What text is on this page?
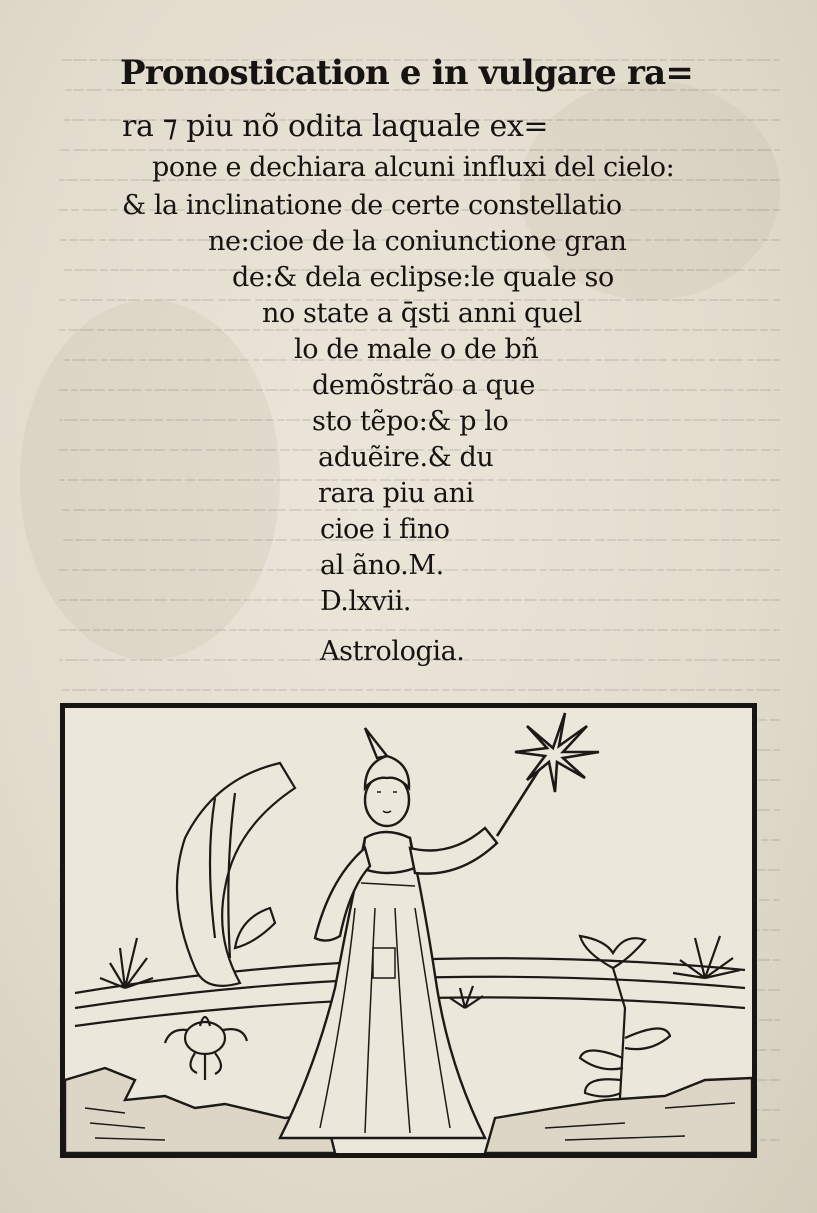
Pronostication e in vulgare ra=
ra ⁊ piu nõ odita laquale ex=
pone e dechiara alcuni influxi del cielo:
& la inclinatione de certe constellatio
ne:cioe de la coniunctione gran
de:& dela eclipse:le quale so
no state a q̄sti anni quel
lo de male o de bñ
demõstrão a que
sto tẽpo:& p lo
aduẽire.& du
rara piu ani
cioe i fino
al ãno.M.
D.lxvii.
Astrologia.
